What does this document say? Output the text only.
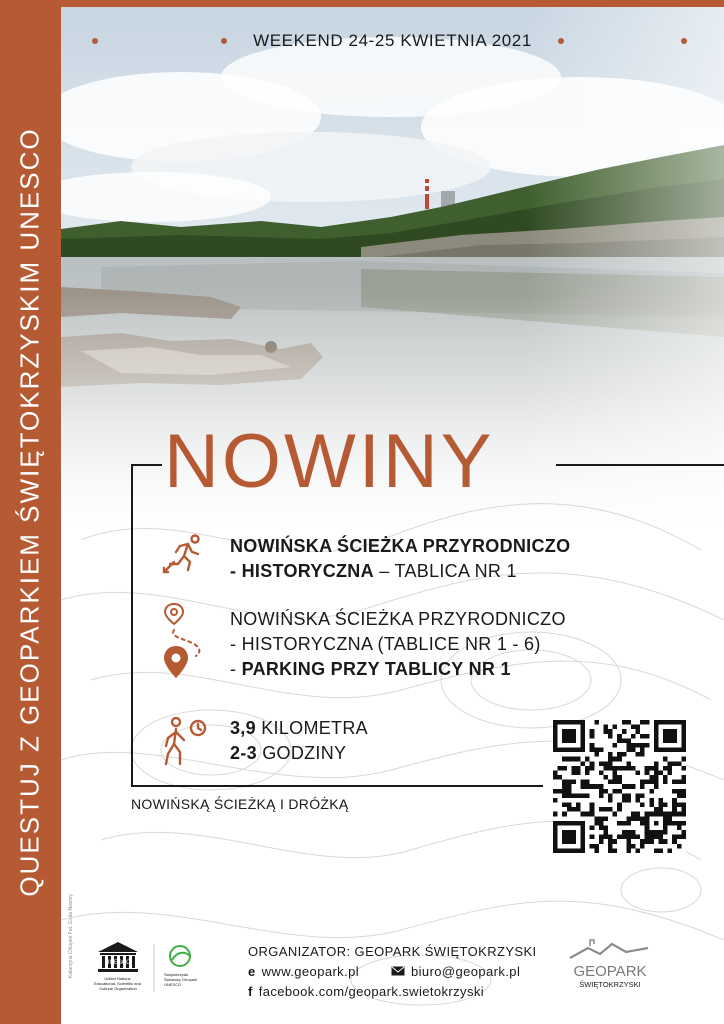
QUESTUJ Z GEOPARKIEM ŚWIĘTOKRZYSKIM UNESCO
Katarzyna Chlopek Fot. Grota Nowiny
WEEKEND 24-25 KWIETNIA 2021
NOWINY
NOWIŃSKA ŚCIEŻKA PRZYRODNICZO
- HISTORYCZNA – TABLICA NR 1
NOWIŃSKA ŚCIEŻKA PRZYRODNICZO
- HISTORYCZNA (TABLICE NR 1 - 6)
- PARKING PRZY TABLICY NR 1
3,9 KILOMETRA
2-3 GODZINY
NOWIŃSKĄ ŚCIEŻKĄ I DRÓŻKĄ
UNESCO
United Nations Educational, Scientific and Cultural Organization
Świętokrzyski Światowy Geopark UNESCO
ORGANIZATOR: GEOPARK ŚWIĘTOKRZYSKI
e www.geopark.pl	biuro@geopark.pl
f facebook.com/geopark.swietokrzyski
GEOPARK
ŚWIĘTOKRZYSKI
